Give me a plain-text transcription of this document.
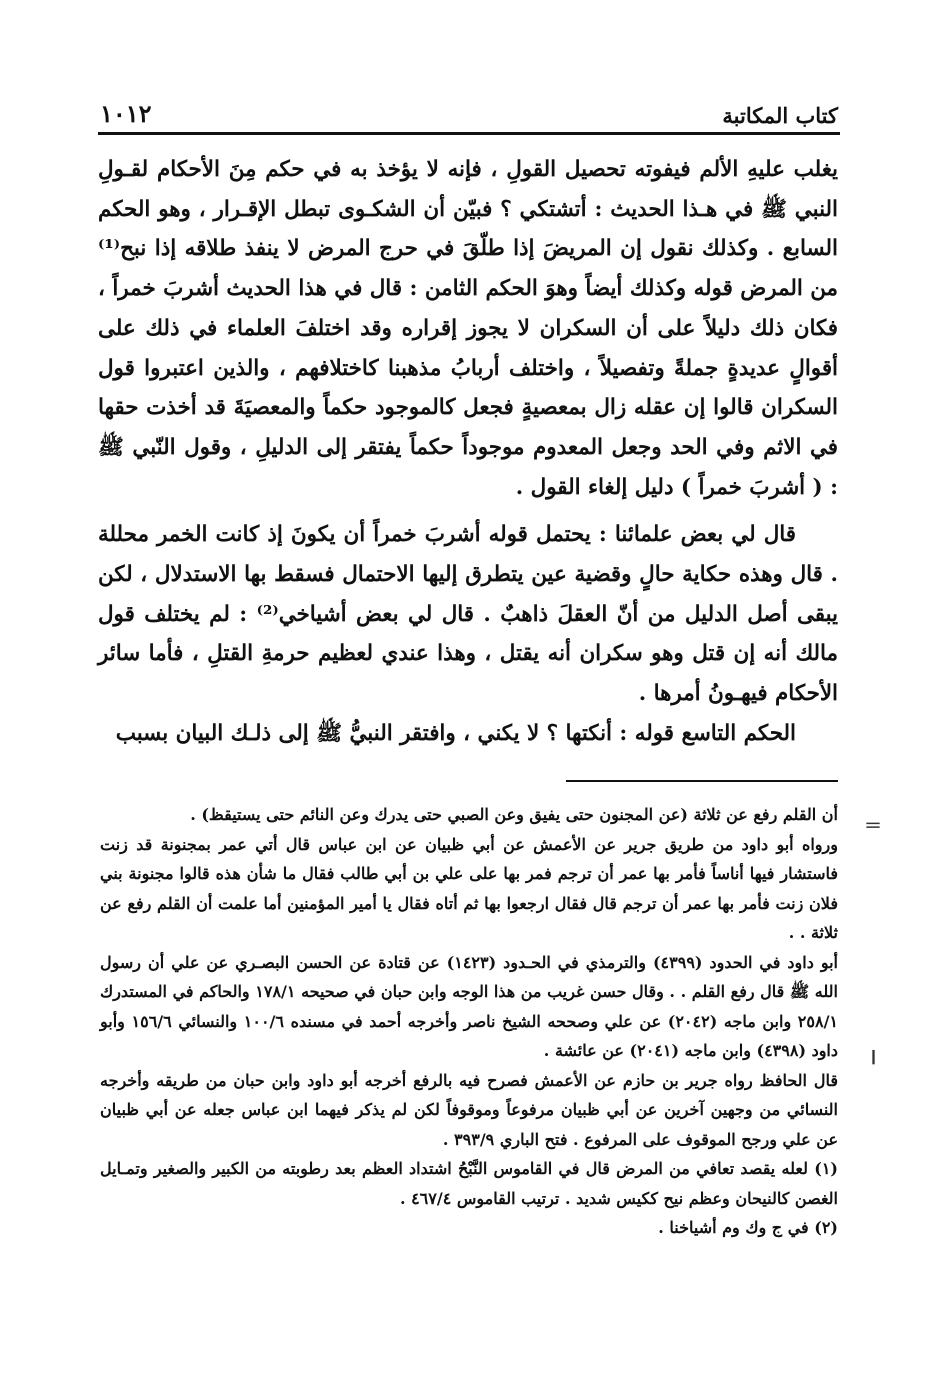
كتاب المكاتبة
١٠١٢

يغلب عليهِ الألم فيفوته تحصيل القولِ ، فإنه لا يؤخذ به في حكم مِنَ الأحكام لقـولِ النبي ﷺ في هـذا الحديث : أتشتكي ؟ فبيّن أن الشكـوى تبطل الإقـرار ، وهو الحكم السابع . وكذلك نقول إن المريضَ إذا طلّقَ في حرج المرض لا ينفذ طلاقه إذا نبح⁽¹⁾ من المرض قوله وكذلك أيضاً وهوَ الحكم الثامن : قال في هذا الحديث أشربَ خمراً ، فكان ذلك دليلاً على أن السكران لا يجوز إقراره وقد اختلفَ العلماء في ذلك على أقوالٍ عديدةٍ جملةً وتفصيلاً ، واختلف أربابُ مذهبنا كاختلافهم ، والذين اعتبروا قول السكران قالوا إن عقله زال بمعصيةٍ فجعل كالموجود حكماً والمعصيَةَ قد أخذت حقها في الاثم وفي الحد وجعل المعدوم موجوداً حكماً يفتقر إلى الدليلِ ، وقول النّبي ﷺ : ( أشربَ خمراً ) دليل إلغاء القول .

قال لي بعض علمائنا : يحتمل قوله أشربَ خمراً أن يكونَ إذ كانت الخمر محللة . قال وهذه حكاية حالٍ وقضية عين يتطرق إليها الاحتمال فسقط بها الاستدلال ، لكن يبقى أصل الدليل من أنّ العقلَ ذاهبٌ . قال لي بعض أشياخي⁽²⁾ : لم يختلف قول مالك أنه إن قتل وهو سكران أنه يقتل ، وهذا عندي لعظيم حرمةِ القتلِ ، فأما سائر الأحكام فيهـونُ أمرها .

الحكم التاسع قوله : أنكتها ؟ لا يكني ، وافتقر النبيُّ ﷺ إلى ذلـك البيان بسبب

أن القلم رفع عن ثلاثة (عن المجنون حتى يفيق وعن الصبي حتى يدرك وعن النائم حتى يستيقظ) .

ورواه أبو داود من طريق جرير عن الأعمش عن أبي ظبيان عن ابن عباس قال أتي عمر بمجنونة قد زنت فاستشار فيها أناساً فأمر بها عمر أن ترجم فمر بها على علي بن أبي طالب فقال ما شأن هذه قالوا مجنونة بني فلان زنت فأمر بها عمر أن ترجم قال فقال ارجعوا بها ثم أتاه فقال يا أمير المؤمنين أما علمت أن القلم رفع عن ثلاثة . .

أبو داود في الحدود (٤٣٩٩) والترمذي في الحـدود (١٤٢٣) عن قتادة عن الحسن البصـري عن علي أن رسول الله ﷺ قال رفع القلم . . وقال حسن غريب من هذا الوجه وابن حبان في صحيحه ١٧٨/١ والحاكم في المستدرك ٢٥٨/١ وابن ماجه (٢٠٤٢) عن علي وصححه الشيخ ناصر وأخرجه أحمد في مسنده ١٠٠/٦ والنسائي ١٥٦/٦ وأبو داود (٤٣٩٨) وابن ماجه (٢٠٤١) عن عائشة .

قال الحافظ رواه جرير بن حازم عن الأعمش فصرح فيه بالرفع أخرجه أبو داود وابن حبان من طريقه وأخرجه النسائي من وجهين آخرين عن أبي ظبيان مرفوعاً وموقوفاً لكن لم يذكر فيهما ابن عباس جعله عن أبي ظبيان عن علي ورجح الموقوف على المرفوع . فتح الباري ٣٩٣/٩ .

(١) لعله يقصد تعافي من المرض قال في القاموس النَّبْحُ اشتداد العظم بعد رطوبته من الكبير والصغير وتمـايل الغصن كالنيحان وعظم نيح ككيس شديد . ترتيب القاموس ٤٦٧/٤ .

(٢) في ج وك وم أشياخنا .

＝
ا
